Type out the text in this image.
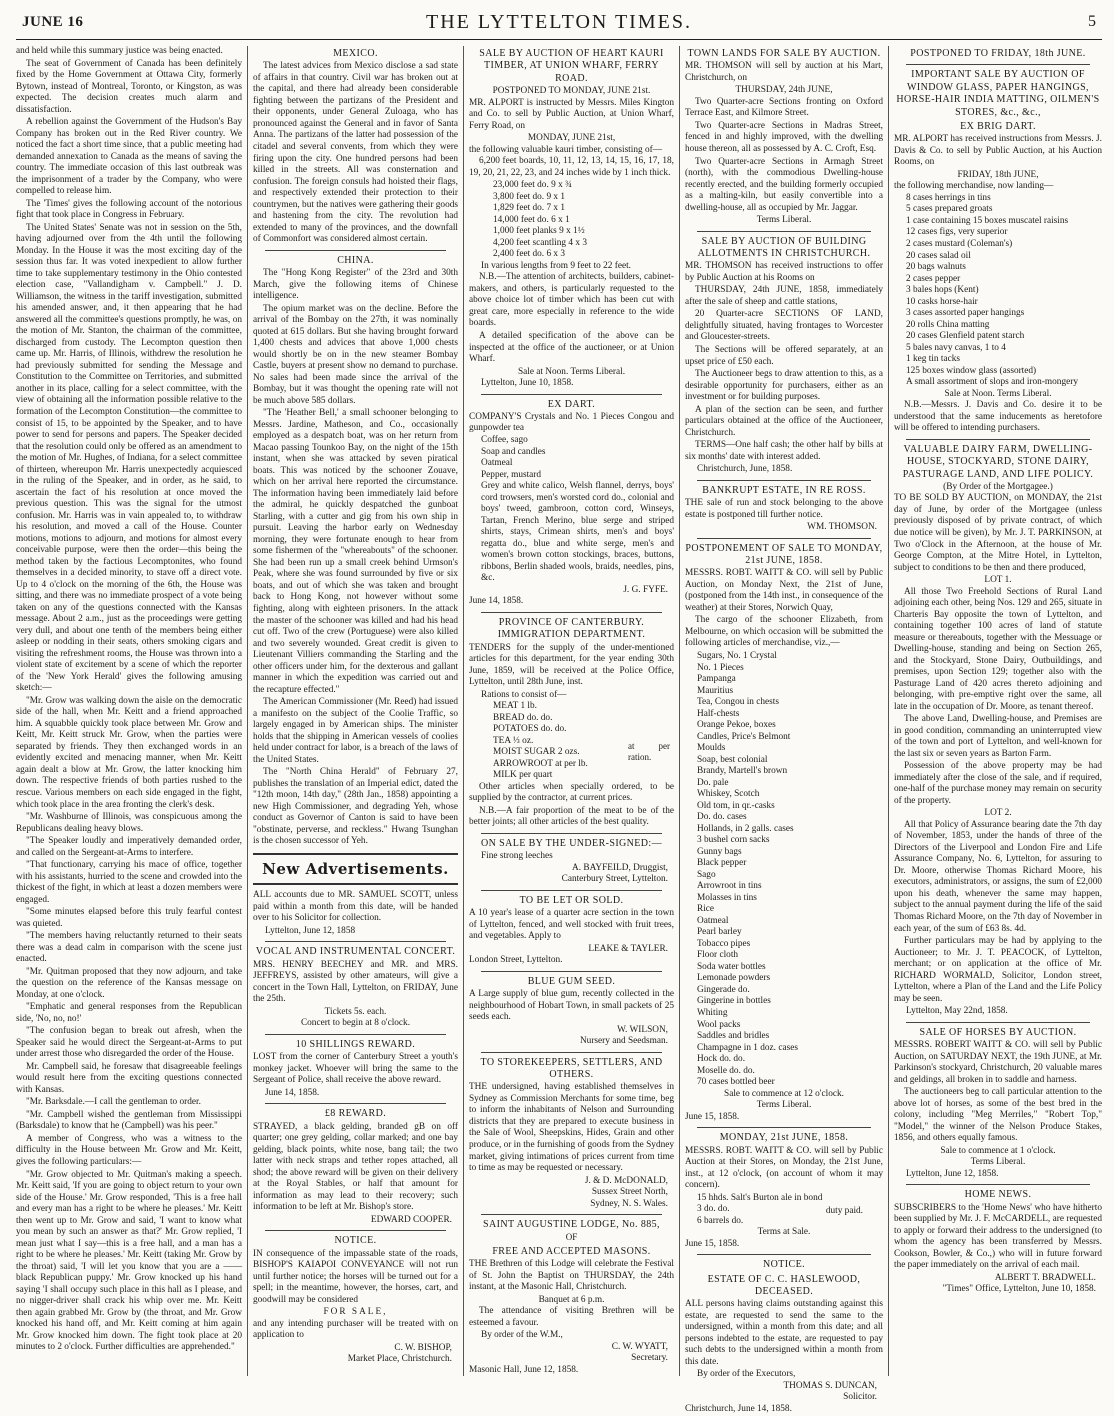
JUNE 16	THE LYTTELTON TIMES.	5
and held while this summary justice was being enacted.
The seat of Government of Canada has been definitely fixed by the Home Government at Ottawa City, formerly Bytown, instead of Montreal, Toronto, or Kingston, as was expected. The decision creates much alarm and dissatisfaction.
A rebellion against the Government of the Hudson's Bay Company has broken out in the Red River country. We noticed the fact a short time since, that a public meeting had demanded annexation to Canada as the means of saving the country. The immediate occasion of this last outbreak was the imprisonment of a trader by the Company, who were compelled to release him.
The 'Times' gives the following account of the notorious fight that took place in Congress in February.
The United States' Senate was not in session on the 5th, having adjourned over from the 4th until the following Monday. In the House it was the most exciting day of the session thus far. It was voted inexpedient to allow further time to take supplementary testimony in the Ohio contested election case, "Vallandigham v. Campbell." J. D. Williamson, the witness in the tariff investigation, submitted his amended answer, and, it then appearing that he had answered all the committee's questions promptly, he was, on the motion of Mr. Stanton, the chairman of the committee, discharged from custody. The Lecompton question then came up. Mr. Harris, of Illinois, withdrew the resolution he had previously submitted for sending the Message and Constitution to the Committee on Territories, and submitted another in its place, calling for a select committee, with the view of obtaining all the information possible relative to the formation of the Lecompton Constitution—the committee to consist of 15, to be appointed by the Speaker, and to have power to send for persons and papers. The Speaker decided that the resolution could only be offered as an amendment to the motion of Mr. Hughes, of Indiana, for a select committee of thirteen, whereupon Mr. Harris unexpectedly acquiesced in the ruling of the Speaker, and in order, as he said, to ascertain the fact of his resolution at once moved the previous question. This was the signal for the utmost confusion. Mr. Harris was in vain appealed to, to withdraw his resolution, and moved a call of the House. Counter motions, motions to adjourn, and motions for almost every conceivable purpose, were then the order—this being the method taken by the factious Lecomptonites, who found themselves in a decided minority, to stave off a direct vote. Up to 4 o'clock on the morning of the 6th, the House was sitting, and there was no immediate prospect of a vote being taken on any of the questions connected with the Kansas message. About 2 a.m., just as the proceedings were getting very dull, and about one tenth of the members being either asleep or nodding in their seats, others smoking cigars and visiting the refreshment rooms, the House was thrown into a violent state of excitement by a scene of which the reporter of the 'New York Herald' gives the following amusing sketch:—
"Mr. Grow was walking down the aisle on the democratic side of the hall, when Mr. Keitt and a friend approached him. A squabble quickly took place between Mr. Grow and Keitt, Mr. Keitt struck Mr. Grow, when the parties were separated by friends. They then exchanged words in an evidently excited and menacing manner, when Mr. Keitt again dealt a blow at Mr. Grow, the latter knocking him down. The respective friends of both parties rushed to the rescue. Various members on each side engaged in the fight, which took place in the area fronting the clerk's desk.
"Mr. Washburne of Illinois, was conspicuous among the Republicans dealing heavy blows.
"The Speaker loudly and imperatively demanded order, and called on the Sergeant-at-Arms to interfere.
"That functionary, carrying his mace of office, together with his assistants, hurried to the scene and crowded into the thickest of the fight, in which at least a dozen members were engaged.
"Some minutes elapsed before this truly fearful contest was quieted.
"The members having reluctantly returned to their seats there was a dead calm in comparison with the scene just enacted.
"Mr. Quitman proposed that they now adjourn, and take the question on the reference of the Kansas message on Monday, at one o'clock.
"Emphatic and general responses from the Republican side, 'No, no, no!'
"The confusion began to break out afresh, when the Speaker said he would direct the Sergeant-at-Arms to put under arrest those who disregarded the order of the House.
Mr. Campbell said, he foresaw that disagreeable feelings would result here from the exciting questions connected with Kansas.
"Mr. Barksdale.—I call the gentleman to order.
"Mr. Campbell wished the gentleman from Mississippi (Barksdale) to know that he (Campbell) was his peer."
A member of Congress, who was a witness to the difficulty in the House between Mr. Grow and Mr. Keitt, gives the following particulars:—
"Mr. Grow objected to Mr. Quitman's making a speech. Mr. Keitt said, 'If you are going to object return to your own side of the House.' Mr. Grow responded, 'This is a free hall and every man has a right to be where he pleases.' Mr. Keitt then went up to Mr. Grow and said, 'I want to know what you mean by such an answer as that?' Mr. Grow replied, 'I mean just what I say—this is a free hall, and a man has a right to be where he pleases.' Mr. Keitt (taking Mr. Grow by the throat) said, 'I will let you know that you are a —— black Republican puppy.' Mr. Grow knocked up his hand saying 'I shall occupy such place in this hall as I please, and no nigger-driver shall crack his whip over me. Mr. Keitt then again grabbed Mr. Grow by (the throat, and Mr. Grow knocked his hand off, and Mr. Keitt coming at him again Mr. Grow knocked him down. The fight took place at 20 minutes to 2 o'clock. Further difficulties are apprehended."
MEXICO.
The latest advices from Mexico disclose a sad state of affairs in that country. Civil war has broken out at the capital, and there had already been considerable fighting between the partizans of the President and their opponents, under General Zuloaga, who has pronounced against the General and in favor of Santa Anna. The partizans of the latter had possession of the citadel and several convents, from which they were firing upon the city. One hundred persons had been killed in the streets. All was consternation and confusion. The foreign consuls had hoisted their flags, and respectively extended their protection to their countrymen, but the natives were gathering their goods and hastening from the city. The revolution had extended to many of the provinces, and the downfall of Commonfort was considered almost certain.
CHINA.
The "Hong Kong Register" of the 23rd and 30th March, give the following items of Chinese intelligence.
The opium market was on the decline. Before the arrival of the Bombay on the 27th, it was nominally quoted at 615 dollars. But she having brought forward 1,400 chests and advices that above 1,000 chests would shortly be on in the new steamer Bombay Castle, buyers at present show no demand to purchase. No sales had been made since the arrival of the Bombay, but it was thought the opening rate will not be much above 585 dollars.
"The 'Heather Bell,' a small schooner belonging to Messrs. Jardine, Matheson, and Co., occasionally employed as a despatch boat, was on her return from Macao passing Tounkoo Bay, on the night of the 15th instant, when she was attacked by seven piratical boats. This was noticed by the schooner Zouave, which on her arrival here reported the circumstance. The information having been immediately laid before the admiral, he quickly despatched the gunboat Starling, with a cutter and gig from his own ship in pursuit. Leaving the harbor early on Wednesday morning, they were fortunate enough to hear from some fishermen of the "whereabouts" of the schooner. She had been run up a small creek behind Urmson's Peak, where she was found surrounded by five or six boats, and out of which she was taken and brought back to Hong Kong, not however without some fighting, along with eighteen prisoners. In the attack the master of the schooner was killed and had his head cut off. Two of the crew (Portuguese) were also killed and two severely wounded. Great credit is given to Lieutenant Villiers commanding the Starling and the other officers under him, for the dexterous and gallant manner in which the expedition was carried out and the recapture effected."
The American Commissioner (Mr. Reed) had issued a manifesto on the subject of the Coolie Traffic, so largely engaged in by American ships. The minister holds that the shipping in American vessels of coolies held under contract for labor, is a breach of the laws of the United States.
The "North China Herald" of February 27, publishes the translation of an Imperial edict, dated the "12th moon, 14th day," (28th Jan., 1858) appointing a new High Commissioner, and degrading Yeh, whose conduct as Governor of Canton is said to have been "obstinate, perverse, and reckless." Hwang Tsunghan is the chosen successor of Yeh.
New Advertisements.
ALL accounts due to MR. SAMUEL SCOTT, unless paid within a month from this date, will be handed over to his Solicitor for collection.
Lyttelton, June 12, 1858
VOCAL AND INSTRUMENTAL CONCERT.
MRS. HENRY BEECHEY and MR. and MRS. JEFFREYS, assisted by other amateurs, will give a concert in the Town Hall, Lyttelton, on FRIDAY, June the 25th.
Tickets 5s. each.
Concert to begin at 8 o'clock.
10 SHILLINGS REWARD.
LOST from the corner of Canterbury Street a youth's monkey jacket. Whoever will bring the same to the Sergeant of Police, shall receive the above reward.
June 14, 1858.
£8 REWARD.
STRAYED, a black gelding, branded gB on off quarter; one grey gelding, collar marked; and one bay gelding, black points, white nose, bang tail; the two latter with neck straps and tether ropes attached, all shod; the above reward will be given on their delivery at the Royal Stables, or half that amount for information as may lead to their recovery; such information to be left at Mr. Bishop's store.
EDWARD COOPER.
NOTICE.
IN consequence of the impassable state of the roads, BISHOP'S KAIAPOI CONVEYANCE will not run until further notice; the horses will be turned out for a spell; in the meantime, however, the horses, cart, and goodwill may be considered
FOR SALE,
and any intending purchaser will be treated with on application to
C. W. BISHOP,
Market Place, Christchurch.
SALE BY AUCTION OF HEART KAURI TIMBER, AT UNION WHARF, FERRY ROAD.
POSTPONED TO MONDAY, JUNE 21st.
MR. ALPORT is instructed by Messrs. Miles Kington and Co. to sell by Public Auction, at Union Wharf, Ferry Road, on
MONDAY, JUNE 21st,
the following valuable kauri timber, consisting of—
6,200 feet boards, 10, 11, 12, 13, 14, 15, 16, 17, 18, 19, 20, 21, 22, 23, and 24 inches wide by 1 inch thick.
23,000 feet do. 9 x ¾
3,800 feet do. 9 x 1
1,829 feet do. 7 x 1
14,000 feet do. 6 x 1
1,000 feet planks 9 x 1½
4,200 feet scantling 4 x 3
2,400 feet do. 6 x 3
In various lengths from 9 feet to 22 feet.
N.B.—The attention of architects, builders, cabinet-makers, and others, is particularly requested to the above choice lot of timber which has been cut with great care, more especially in reference to the wide boards.
A detailed specification of the above can be inspected at the office of the auctioneer, or at Union Wharf.
Sale at Noon. Terms Liberal.
Lyttelton, June 10, 1858.
EX DART.
COMPANY'S Crystals and No. 1 Pieces Congou and gunpowder tea
Coffee, sago
Soap and candles
Oatmeal
Pepper, mustard
Grey and white calico, Welsh flannel, derrys, boys' cord trowsers, men's worsted cord do., colonial and boys' tweed, gambroon, cotton cord, Winseys, Tartan, French Merino, blue serge and striped shirts, stays, Crimean shirts, men's and boys' regatta do., blue and white serge, men's and women's brown cotton stockings, braces, buttons, ribbons, Berlin shaded wools, braids, needles, pins, &c.
J. G. FYFE.
June 14, 1858.
PROVINCE OF CANTERBURY. IMMIGRATION DEPARTMENT.
TENDERS for the supply of the under-mentioned articles for this department, for the year ending 30th June, 1859, will be received at the Police Office, Lyttelton, until 28th June, inst.
Rations to consist of—
MEAT 1 lb.
BREAD do. do.
POTATOES do. do.
TEA ⅓ oz.
MOIST SUGAR 2 ozs.
ARROWROOT at per lb.
MILK per quart
at per ration.
Other articles when specially ordered, to be supplied by the contractor, at current prices.
N.B.—A fair proportion of the meat to be of the better joints; all other articles of the best quality.
ON SALE BY THE UNDER-SIGNED:—
Fine strong leeches
A. BAYFEILD, Druggist,
Canterbury Street, Lyttelton.
TO BE LET OR SOLD.
A 10 year's lease of a quarter acre section in the town of Lyttelton, fenced, and well stocked with fruit trees, and vegetables. Apply to
LEAKE & TAYLER.
London Street, Lyttelton.
BLUE GUM SEED.
A Large supply of blue gum, recently collected in the neighbourhood of Hobart Town, in small packets of 25 seeds each.
W. WILSON,
Nursery and Seedsman.
TO STOREKEEPERS, SETTLERS, AND OTHERS.
THE undersigned, having established themselves in Sydney as Commission Merchants for some time, beg to inform the inhabitants of Nelson and Surrounding districts that they are prepared to execute business in the Sale of Wool, Sheepskins, Hides, Grain and other produce, or in the furnishing of goods from the Sydney market, giving intimations of prices current from time to time as may be requested or necessary.
J. & D. McDONALD,
Sussex Street North,
Sydney, N. S. Wales.
SAINT AUGUSTINE LODGE, No. 885,
OF
FREE AND ACCEPTED MASONS.
THE Brethren of this Lodge will celebrate the Festival of St. John the Baptist on THURSDAY, the 24th instant, at the Masonic Hall, Christchurch.
Banquet at 6 p.m.
The attendance of visiting Brethren will be esteemed a favour.
By order of the W.M.,
C. W. WYATT,
Secretary.
Masonic Hall, June 12, 1858.
TOWN LANDS FOR SALE BY AUCTION.
MR. THOMSON will sell by auction at his Mart, Christchurch, on
THURSDAY, 24th JUNE,
Two Quarter-acre Sections fronting on Oxford Terrace East, and Kilmore Street.
Two Quarter-acre Sections in Madras Street, fenced in and highly improved, with the dwelling house thereon, all as possessed by A. C. Croft, Esq.
Two Quarter-acre Sections in Armagh Street (north), with the commodious Dwelling-house recently erected, and the building formerly occupied as a malting-kiln, but easily convertible into a dwelling-house, all as occupied by Mr. Jaggar.
Terms Liberal.
SALE BY AUCTION OF BUILDING ALLOTMENTS IN CHRISTCHURCH.
MR. THOMSON has received instructions to offer by Public Auction at his Rooms on
THURSDAY, 24th JUNE, 1858, immediately after the sale of sheep and cattle stations,
20 Quarter-acre SECTIONS OF LAND, delightfully situated, having frontages to Worcester and Gloucester-streets.
The Sections will be offered separately, at an upset price of £50 each.
The Auctioneer begs to draw attention to this, as a desirable opportunity for purchasers, either as an investment or for building purposes.
A plan of the section can be seen, and further particulars obtained at the office of the Auctioneer, Christchurch.
TERMS—One half cash; the other half by bills at six months' date with interest added.
Christchurch, June, 1858.
BANKRUPT ESTATE, IN RE ROSS.
THE sale of run and stock belonging to the above estate is postponed till further notice.
WM. THOMSON.
POSTPONEMENT OF SALE TO MONDAY, 21st JUNE, 1858.
MESSRS. ROBT. WAITT & CO. will sell by Public Auction, on Monday Next, the 21st of June, (postponed from the 14th inst., in consequence of the weather) at their Stores, Norwich Quay,
The cargo of the schooner Elizabeth, from Melbourne, on which occasion will be submitted the following articles of merchandise, viz.,—
Sugars, No. 1 Crystal
No. 1 Pieces
Pampanga
Mauritius
Tea, Congou in chests
Half-chests
Orange Pekoe, boxes
Candles, Price's Belmont
Moulds
Soap, best colonial
Brandy, Martell's brown
Do. pale
Whiskey, Scotch
Old tom, in qr.-casks
Do. do. cases
Hollands, in 2 galls. cases
3 bushel corn sacks
Gunny bags
Black pepper
Sago
Arrowroot in tins
Molasses in tins
Rice
Oatmeal
Pearl barley
Tobacco pipes
Floor cloth
Soda water bottles
Lemonade powders
Gingerade do.
Gingerine in bottles
Whiting
Wool packs
Saddles and bridles
Champagne in 1 doz. cases
Hock do. do.
Moselle do. do.
70 cases bottled beer
Sale to commence at 12 o'clock.
Terms Liberal.
June 15, 1858.
MONDAY, 21st JUNE, 1858.
MESSRS. ROBT. WAITT & CO. will sell by Public Auction at their Stores, on Monday, the 21st June, inst., at 12 o'clock, (on account of whom it may concern).
15 hhds. Salt's Burton ale in bond
3 do. do.
6 barrels do.
duty paid.
Terms at Sale.
June 15, 1858.
NOTICE.
ESTATE OF C. C. HASLEWOOD, DECEASED.
ALL persons having claims outstanding against this estate, are requested to send the same to the undersigned, within a month from this date; and all persons indebted to the estate, are requested to pay such debts to the undersigned within a month from this date.
By order of the Executors,
THOMAS S. DUNCAN,
Solicitor.
Christchurch, June 14, 1858.
POSTPONED TO FRIDAY, 18th JUNE.
IMPORTANT SALE BY AUCTION OF WINDOW GLASS, PAPER HANGINGS, HORSE-HAIR INDIA MATTING, OILMEN'S STORES, &c., &c.,
EX BRIG DART.
MR. ALPORT has received instructions from Messrs. J. Davis & Co. to sell by Public Auction, at his Auction Rooms, on
FRIDAY, 18th JUNE,
the following merchandise, now landing—
8 cases herrings in tins
5 cases prepared groats
1 case containing 15 boxes muscatel raisins
12 cases figs, very superior
2 cases mustard (Coleman's)
20 cases salad oil
20 bags walnuts
2 cases pepper
3 bales hops (Kent)
10 casks horse-hair
3 cases assorted paper hangings
20 rolls China matting
20 cases Glenfield patent starch
5 bales navy canvas, 1 to 4
1 keg tin tacks
125 boxes window glass (assorted)
A small assortment of slops and iron-mongery
Sale at Noon. Terms Liberal.
N.B.—Messrs. J. Davis and Co. desire it to be understood that the same inducements as heretofore will be offered to intending purchasers.
VALUABLE DAIRY FARM, DWELLING-HOUSE, STOCKYARD, STONE DAIRY, PASTURAGE LAND, AND LIFE POLICY.
(By Order of the Mortgagee.)
TO BE SOLD BY AUCTION, on MONDAY, the 21st day of June, by order of the Mortgagee (unless previously disposed of by private contract, of which due notice will be given), by Mr. J. T. PARKINSON, at Two o'Clock in the Afternoon, at the house of Mr. George Compton, at the Mitre Hotel, in Lyttelton, subject to conditions to be then and there produced,
LOT 1.
All those Two Freehold Sections of Rural Land adjoining each other, being Nos. 129 and 265, situate in Charteris Bay opposite the town of Lyttelton, and containing together 100 acres of land of statute measure or thereabouts, together with the Messuage or Dwelling-house, standing and being on Section 265, and the Stockyard, Stone Dairy, Outbuildings, and premises, upon Section 129; together also with the Pasturage Land of 420 acres thereto adjoining and belonging, with pre-emptive right over the same, all late in the occupation of Dr. Moore, as tenant thereof.
The above Land, Dwelling-house, and Premises are in good condition, commanding an uninterrupted view of the town and port of Lyttelton, and well-known for the last six or seven years as Barton Farm.
Possession of the above property may be had immediately after the close of the sale, and if required, one-half of the purchase money may remain on security of the property.
LOT 2.
All that Policy of Assurance bearing date the 7th day of November, 1853, under the hands of three of the Directors of the Liverpool and London Fire and Life Assurance Company, No. 6, Lyttelton, for assuring to Dr. Moore, otherwise Thomas Richard Moore, his executors, administrators, or assigns, the sum of £2,000 upon his death, whenever the same may happen, subject to the annual payment during the life of the said Thomas Richard Moore, on the 7th day of November in each year, of the sum of £63 8s. 4d.
Further particulars may be had by applying to the Auctioneer; to Mr. J. T. PEACOCK, of Lyttelton, merchant; or on application at the office of Mr. RICHARD WORMALD, Solicitor, London street, Lyttelton, where a Plan of the Land and the Life Policy may be seen.
Lyttelton, May 22nd, 1858.
SALE OF HORSES BY AUCTION.
MESSRS. ROBERT WAITT & CO. will sell by Public Auction, on SATURDAY NEXT, the 19th JUNE, at Mr. Parkinson's stockyard, Christchurch, 20 valuable mares and geldings, all broken in to saddle and harness.
The auctioneers beg to call particular attention to the above lot of horses, as some of the best bred in the colony, including "Meg Merriles," "Robert Top," "Model," the winner of the Nelson Produce Stakes, 1856, and others equally famous.
Sale to commence at 1 o'clock.
Terms Liberal.
Lyttelton, June 12, 1858.
HOME NEWS.
SUBSCRIBERS to the 'Home News' who have hitherto been supplied by Mr. J. F. McCARDELL, are requested to apply or forward their address to the undersigned (to whom the agency has been transferred by Messrs. Cookson, Bowler, & Co.,) who will in future forward the paper immediately on the arrival of each mail.
ALBERT T. BRADWELL.
"Times" Office, Lyttelton, June 10, 1858.
